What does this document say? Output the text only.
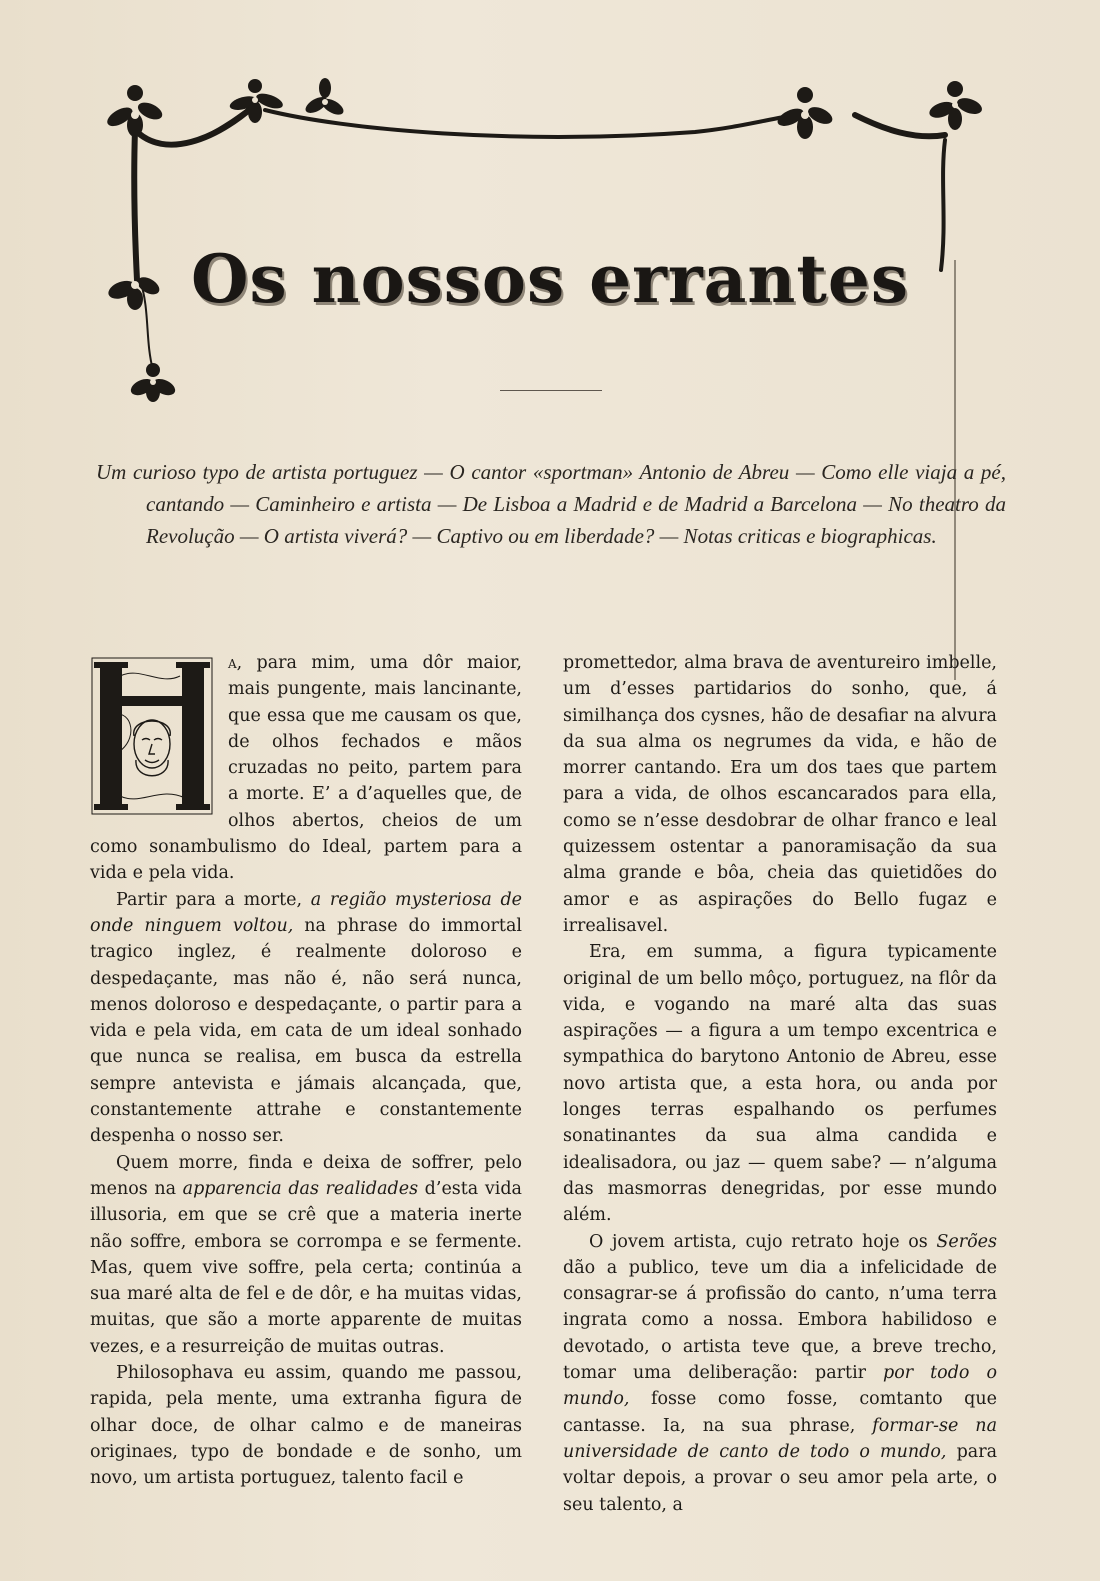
Os nossos errantes
Um curioso typo de artista portuguez — O cantor «sportman» Antonio de Abreu — Como elle viaja a pé, cantando — Caminheiro e artista — De Lisboa a Madrid e de Madrid a Barcelona — No theatro da Revolução — O artista viverá? — Captivo ou em liberdade? — Notas criticas e biographicas.

a, para mim, uma dôr maior, mais pungente, mais lancinante, que essa que me causam os que, de olhos fechados e mãos cruzadas no peito, partem para a morte. E’ a d’aquelles que, de olhos abertos, cheios de um como sonambulismo do Ideal, partem para a vida e pela vida.

Partir para a morte, a região mysteriosa de onde ninguem voltou, na phrase do immortal tragico inglez, é realmente doloroso e despedaçante, mas não é, não será nunca, menos doloroso e despedaçante, o partir para a vida e pela vida, em cata de um ideal sonhado que nunca se realisa, em busca da estrella sempre antevista e jámais alcançada, que, constantemente attrahe e constantemente despenha o nosso ser.

Quem morre, finda e deixa de soffrer, pelo menos na apparencia das realidades d’esta vida illusoria, em que se crê que a materia inerte não soffre, embora se corrompa e se fermente. Mas, quem vive soffre, pela certa; continúa a sua maré alta de fel e de dôr, e ha muitas vidas, muitas, que são a morte apparente de muitas vezes, e a resurreição de muitas outras.

Philosophava eu assim, quando me passou, rapida, pela mente, uma extranha figura de olhar doce, de olhar calmo e de maneiras originaes, typo de bondade e de sonho, um novo, um artista portuguez, talento facil e

promettedor, alma brava de aventureiro imbelle, um d’esses partidarios do sonho, que, á similhança dos cysnes, hão de desafiar na alvura da sua alma os negrumes da vida, e hão de morrer cantando. Era um dos taes que partem para a vida, de olhos escancarados para ella, como se n’esse desdobrar de olhar franco e leal quizessem ostentar a panoramisação da sua alma grande e bôa, cheia das quietidões do amor e as aspirações do Bello fugaz e irrealisavel.

Era, em summa, a figura typicamente original de um bello môço, portuguez, na flôr da vida, e vogando na maré alta das suas aspirações — a figura a um tempo excentrica e sympathica do barytono Antonio de Abreu, esse novo artista que, a esta hora, ou anda por longes terras espalhando os perfumes sonatinantes da sua alma candida e idealisadora, ou jaz — quem sabe? — n’alguma das masmorras denegridas, por esse mundo além.

O jovem artista, cujo retrato hoje os Serões dão a publico, teve um dia a infelicidade de consagrar-se á profissão do canto, n’uma terra ingrata como a nossa. Embora habilidoso e devotado, o artista teve que, a breve trecho, tomar uma deliberação: partir por todo o mundo, fosse como fosse, comtanto que cantasse. Ia, na sua phrase, formar-se na universidade de canto de todo o mundo, para voltar depois, a provar o seu amor pela arte, o seu talento, a
